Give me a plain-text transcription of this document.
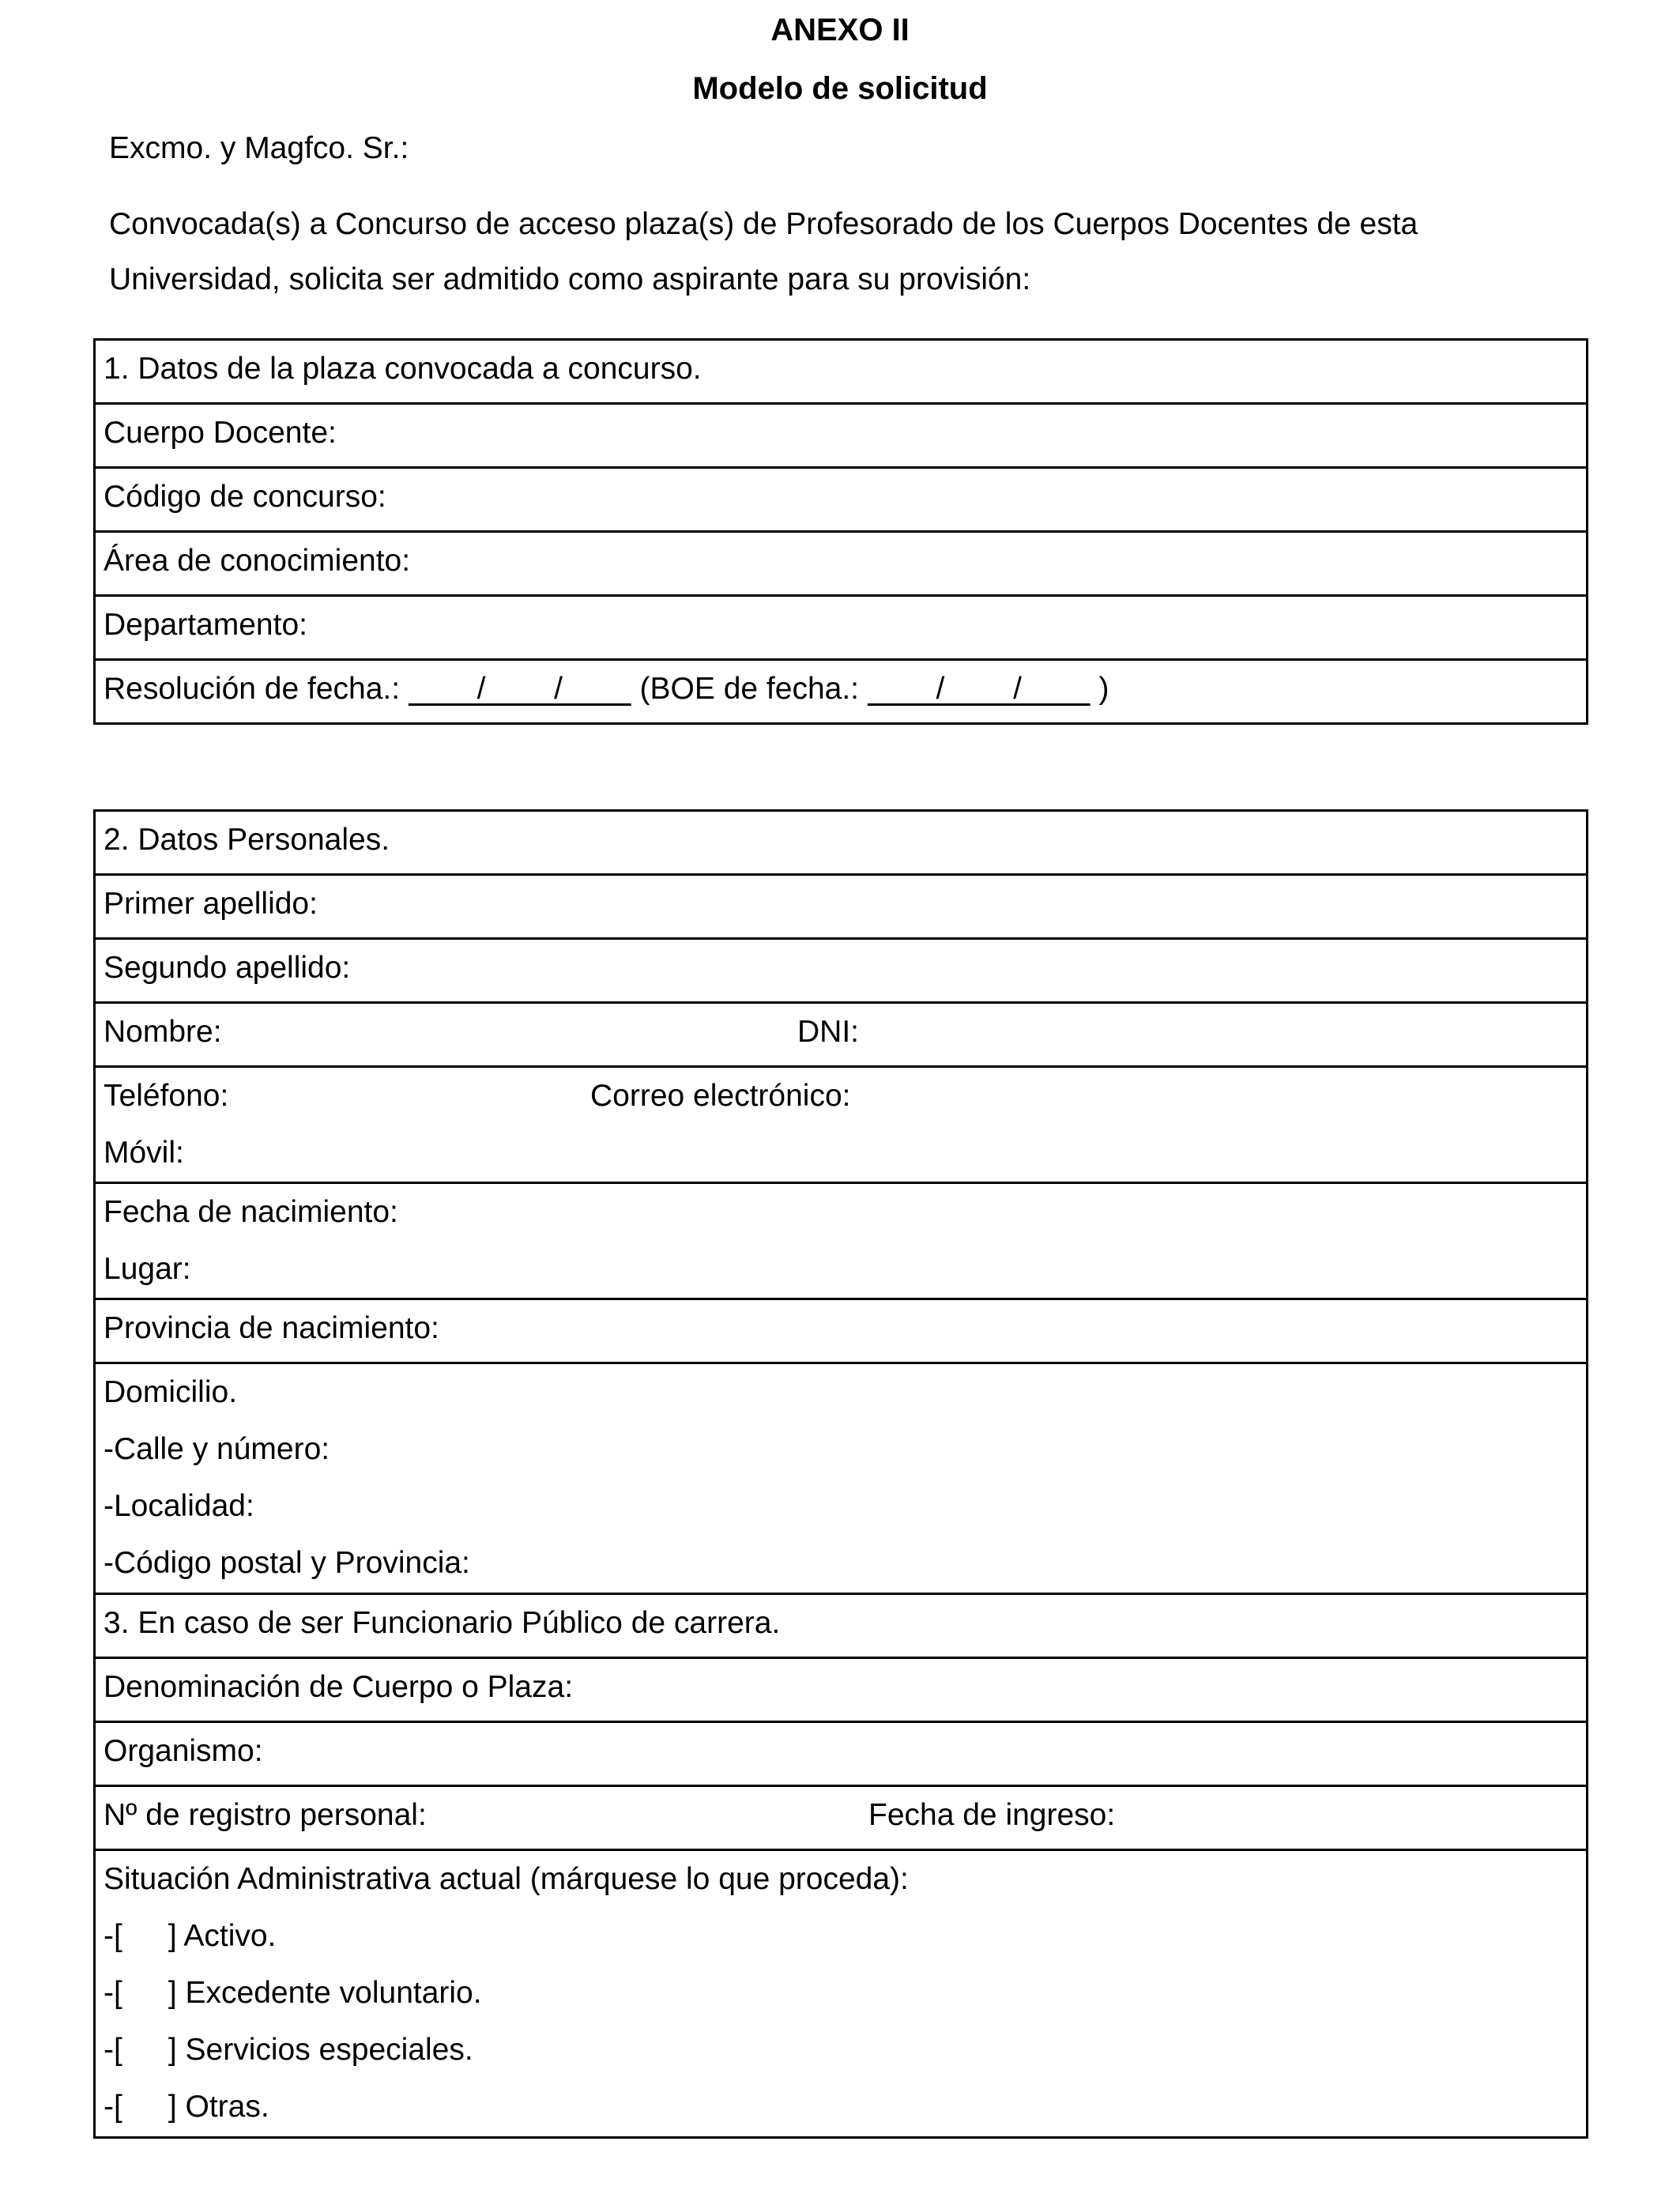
ANEXO II
Modelo de solicitud
Excmo. y Magfco. Sr.:
Convocada(s) a Concurso de acceso plaza(s) de Profesorado de los Cuerpos Docentes de esta
Universidad, solicita ser admitido como aspirante para su provisión:
1. Datos de la plaza convocada a concurso.
Cuerpo Docente:
Código de concurso:
Área de conocimiento:
Departamento:
Resolución de fecha.:	/ /	(BOE de fecha.:	/ /	)
2. Datos Personales.
Primer apellido:
Segundo apellido:

Nombre:	DNI:

Teléfono:	Correo electrónico:
Móvil:

Fecha de nacimiento:
Lugar:

Provincia de nacimiento:

Domicilio.
-Calle y número:
-Localidad:
-Código postal y Provincia:

3. En caso de ser Funcionario Público de carrera.
Denominación de Cuerpo o Plaza:
Organismo:

Nº de registro personal:	Fecha de ingreso:

Situación Administrativa actual (márquese lo que proceda):
-[ ] Activo.
-[ ] Excedente voluntario.
-[ ] Servicios especiales.
-[ ] Otras.
